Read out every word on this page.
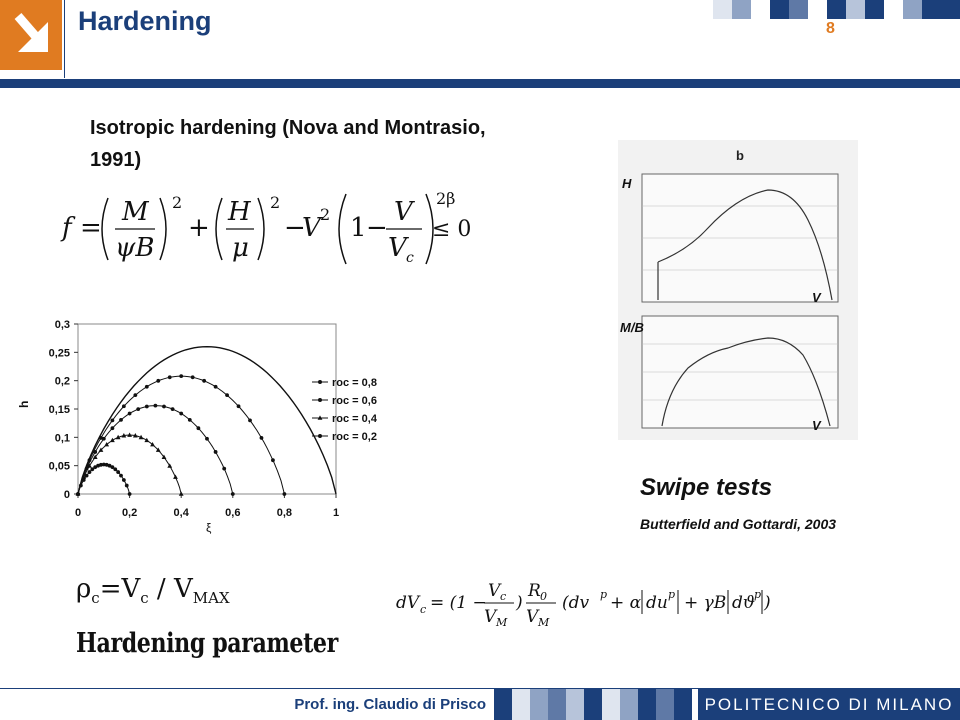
Hardening	8
Isotropic hardening (Nova and Montrasio, 1991)
f =
M
ψB
2
+
H
μ
2
−
V 2 1 −
V
V c
2β
≤ 0
0
0,05
0,1
0,15
0,2
0,25
0,3
0	0,2	0,4	0,6	0,8	1
roc = 0,8
roc = 0,6
roc = 0,4
roc = 0,2
ξ
h
b
H
V
M/B
V
Swipe tests
Butterfield and Gottardi, 2003
$\rho_c=V_c / V_{MAX}$
Hardening parameter
dV c = (1 −
V c
V M
)
R 0
V M
(dv p + α du p + γB dϑ
p )
Prof. ing. Claudio di Prisco	POLITECNICO DI MILANO
